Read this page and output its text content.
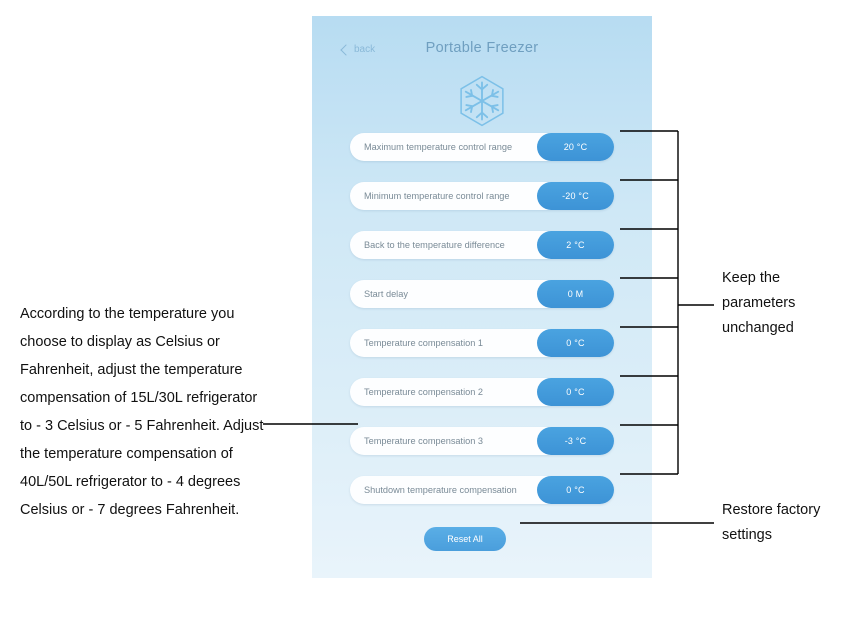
back	Portable Freezer
Maximum temperature control range	20 °C
Minimum temperature control range	-20 °C
Back to the temperature difference	2 °C
Start delay	0 M
Temperature compensation 1	0 °C
Temperature compensation 2	0 °C
Temperature compensation 3	-3 °C
Shutdown temperature compensation	0 °C
Reset All
According to the temperature you choose to display as Celsius or Fahrenheit, adjust the temperature compensation of 15L/30L refrigerator to - 3 Celsius or - 5 Fahrenheit. Adjust the temperature compensation of 40L/50L refrigerator to - 4 degrees Celsius or - 7 degrees Fahrenheit.
Keep the parameters unchanged
Restore factory settings
